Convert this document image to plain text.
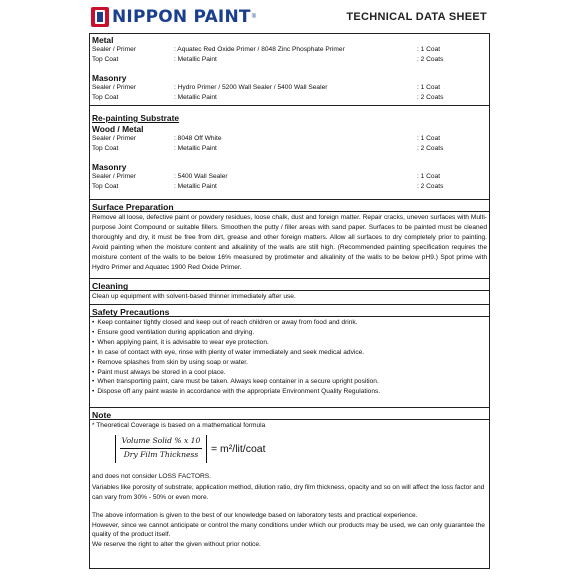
NIPPON PAINT ®	TECHNICAL DATA SHEET
Metal
Sealer / Primer	: Aquatec Red Oxide Primer / 8048 Zinc Phosphate Primer	: 1 Coat
Top Coat	: Metallic Paint	: 2 Coats
Masonry
Sealer / Primer	: Hydro Primer / 5200 Wall Sealer / 5400 Wall Sealer	: 1 Coat
Top Coat	: Metallic Paint	: 2 Coats
Re-painting Substrate
Wood / Metal
Sealer / Primer	: 8048 Off White	: 1 Coat
Top Coat	: Metallic Paint	: 2 Coats
Masonry
Sealer / Primer	: 5400 Wall Sealer	: 1 Coat
Top Coat	: Metallic Paint	: 2 Coats
Surface Preparation
Remove all loose, defective paint or powdery residues, loose chalk, dust and foreign matter. Repair cracks, uneven surfaces with Multi-purpose Joint Compound or suitable fillers. Smoothen the putty / filler areas with sand paper. Surfaces to be painted must be cleaned thoroughly and dry, it must be free from dirt, grease and other foreign matters. Allow all surfaces to dry completely prior to painting. Avoid painting when the moisture content and alkalinity of the walls are still high. (Recommended painting specification requires the moisture content of the walls to be below 16% measured by protimeter and alkalinity of the walls to be below pH9.) Spot prime with Hydro Primer and Aquatec 1900 Red Oxide Primer.
Cleaning
Clean up equipment with solvent-based thinner immediately after use.
Safety Precautions
• Keep container tightly closed and keep out of reach children or away from food and drink.
• Ensure good ventilation during application and drying.
• When applying paint, it is advisable to wear eye protection.
• In case of contact with eye, rinse with plenty of water immediately and seek medical advice.
• Remove splashes from skin by using soap or water.
• Paint must always be stored in a cool place.
• When transporting paint, care must be taken. Always keep container in a secure upright position.
• Dispose off any paint waste in accordance with the appropriate Environment Quality Regulations.
Note
* Theoretical Coverage is based on a mathematical formula
Volume Solid % x 10
Dry Film Thickness	= m²/lit/coat
and does not consider LOSS FACTORS.
Variables like porosity of substrate, application method, dilution ratio, dry film thickness, opacity and so on will affect the loss factor and can vary from 30% - 50% or even more.
The above information is given to the best of our knowledge based on laboratory tests and practical experience.
However, since we cannot anticipate or control the many conditions under which our products may be used, we can only guarantee the quality of the product itself.
We reserve the right to alter the given without prior notice.
